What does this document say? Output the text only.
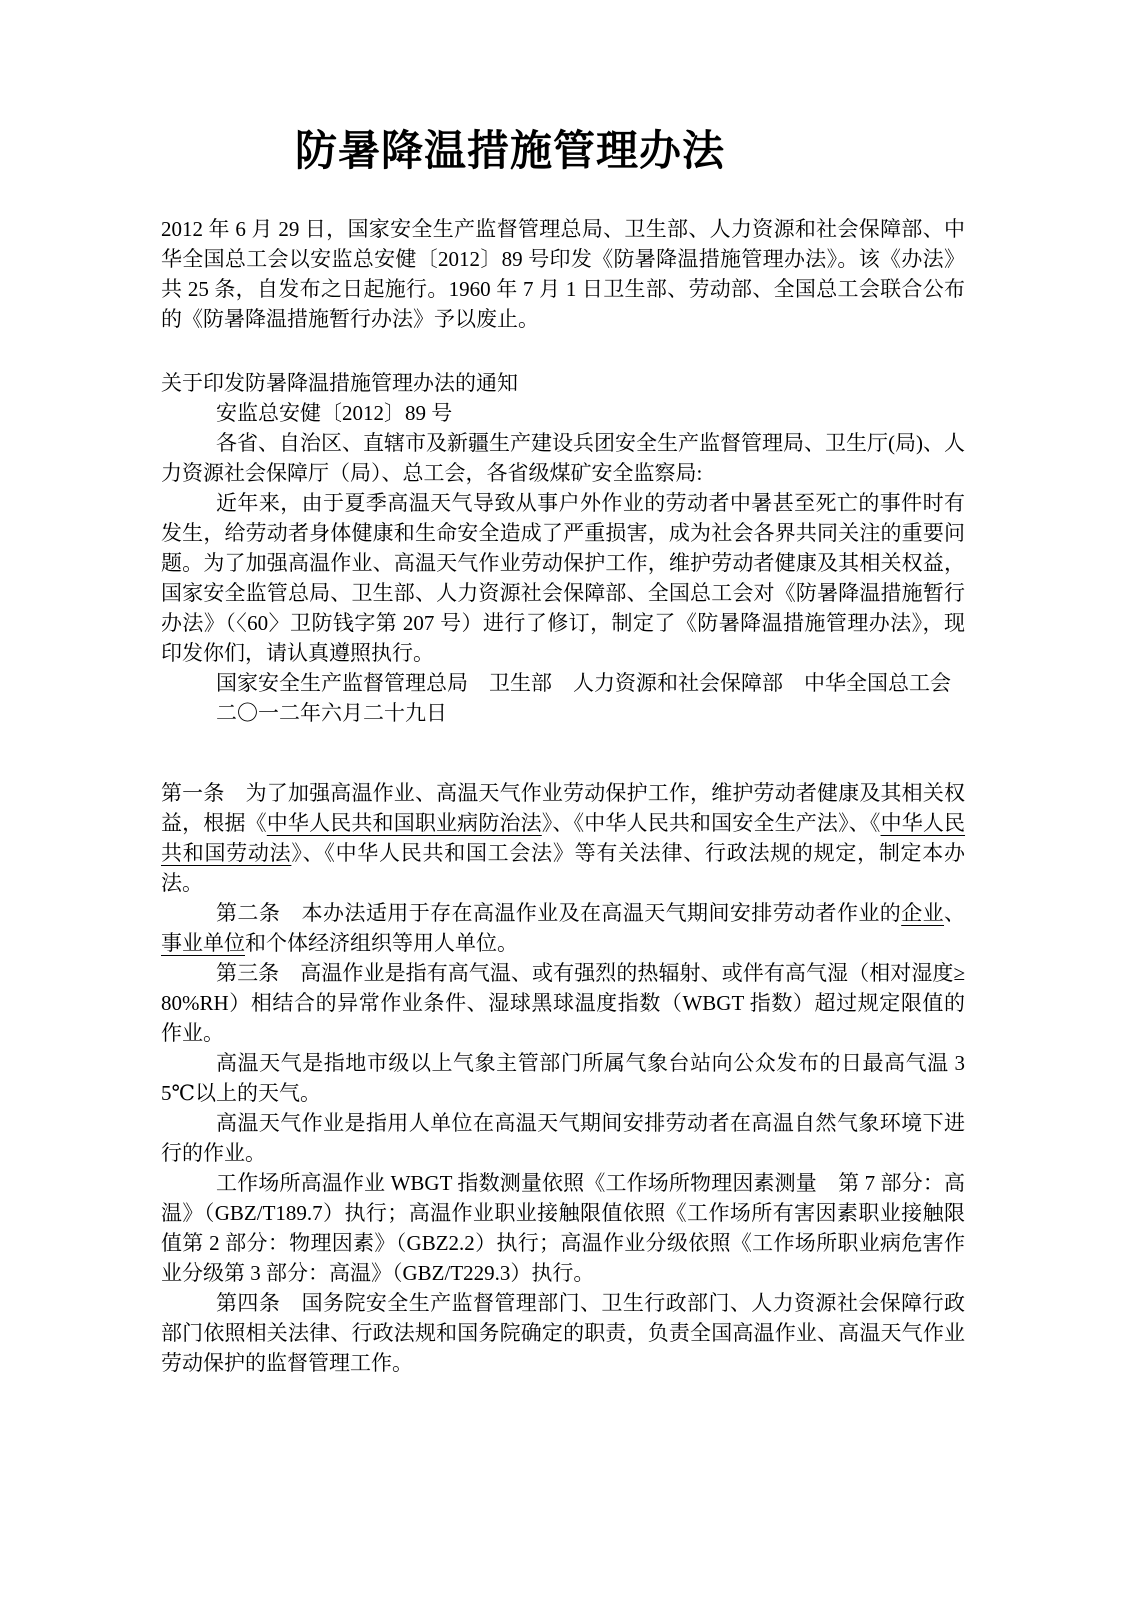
防暑降温措施管理办法

2012 年 6 月 29 日，国家安全生产监督管理总局、卫生部、人力资源和社会保障部、中华全国总工会以安监总安健〔2012〕89 号印发《防暑降温措施管理办法》。该《办法》共 25 条，自发布之日起施行。1960 年 7 月 1 日卫生部、劳动部、全国总工会联合公布的《防暑降温措施暂行办法》予以废止。

关于印发防暑降温措施管理办法的通知

安监总安健〔2012〕89 号

各省、自治区、直辖市及新疆生产建设兵团安全生产监督管理局、卫生厅(局)、人力资源社会保障厅（局）、总工会，各省级煤矿安全监察局:

近年来，由于夏季高温天气导致从事户外作业的劳动者中暑甚至死亡的事件时有发生，给劳动者身体健康和生命安全造成了严重损害，成为社会各界共同关注的重要问题。为了加强高温作业、高温天气作业劳动保护工作，维护劳动者健康及其相关权益，国家安全监管总局、卫生部、人力资源社会保障部、全国总工会对《防暑降温措施暂行办法》（〈60〉卫防钱字第 207 号）进行了修订，制定了《防暑降温措施管理办法》，现印发你们，请认真遵照执行。

国家安全生产监督管理总局　卫生部　人力资源和社会保障部　中华全国总工会

二〇一二年六月二十九日

第一条　为了加强高温作业、高温天气作业劳动保护工作，维护劳动者健康及其相关权益，根据《中华人民共和国职业病防治法》、《中华人民共和国安全生产法》、《中华人民共和国劳动法》、《中华人民共和国工会法》等有关法律、行政法规的规定，制定本办法。

第二条　本办法适用于存在高温作业及在高温天气期间安排劳动者作业的企业、事业单位和个体经济组织等用人单位。

第三条　高温作业是指有高气温、或有强烈的热辐射、或伴有高气湿（相对湿度≥80%RH）相结合的异常作业条件、湿球黑球温度指数（WBGT 指数）超过规定限值的作业。

高温天气是指地市级以上气象主管部门所属气象台站向公众发布的日最高气温 35℃以上的天气。

高温天气作业是指用人单位在高温天气期间安排劳动者在高温自然气象环境下进行的作业。

工作场所高温作业 WBGT 指数测量依照《工作场所物理因素测量　第 7 部分：高温》（GBZ/T189.7）执行；高温作业职业接触限值依照《工作场所有害因素职业接触限值第 2 部分：物理因素》（GBZ2.2）执行；高温作业分级依照《工作场所职业病危害作业分级第 3 部分：高温》（GBZ/T229.3）执行。

第四条　国务院安全生产监督管理部门、卫生行政部门、人力资源社会保障行政部门依照相关法律、行政法规和国务院确定的职责，负责全国高温作业、高温天气作业劳动保护的监督管理工作。
